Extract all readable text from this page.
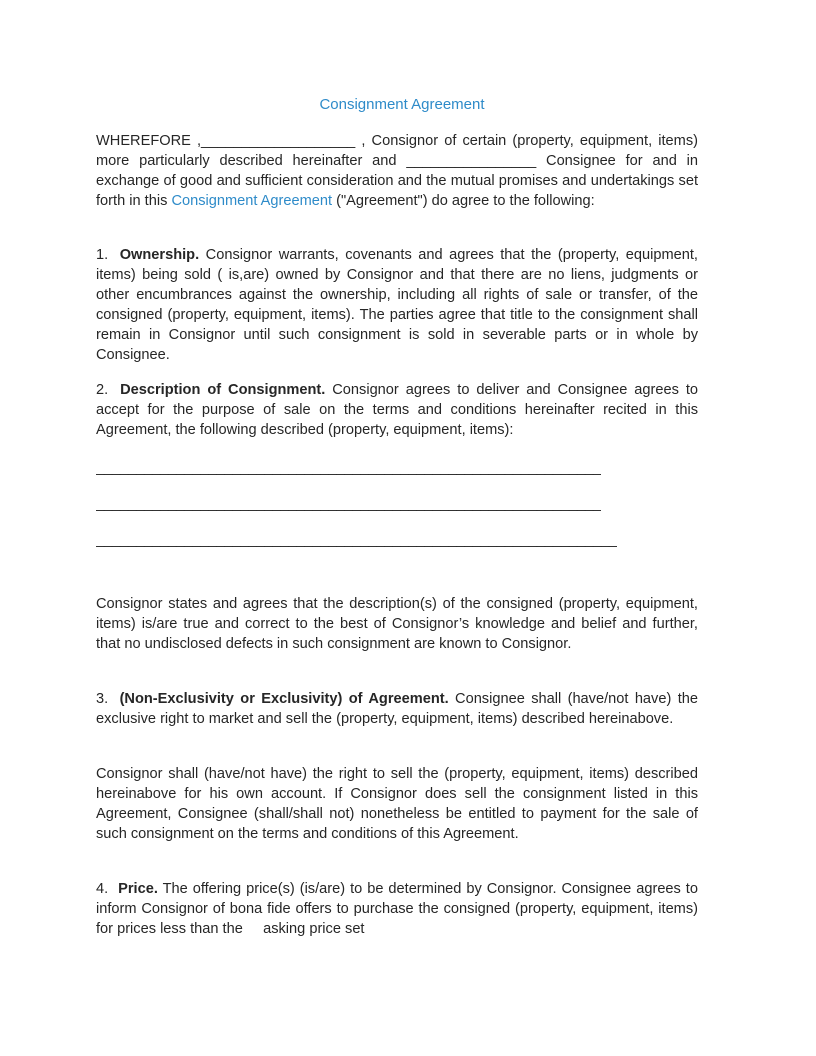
Consignment Agreement
WHEREFORE ,___________________ , Consignor of certain (property, equipment, items) more particularly described hereinafter and ________________ Consignee for and in exchange of good and sufficient consideration and the mutual promises and undertakings set forth in this Consignment Agreement ("Agreement") do agree to the following:
1. Ownership. Consignor warrants, covenants and agrees that the (property, equipment, items) being sold ( is,are) owned by Consignor and that there are no liens, judgments or other encumbrances against the ownership, including all rights of sale or transfer, of the consigned (property, equipment, items). The parties agree that title to the consignment shall remain in Consignor until such consignment is sold in severable parts or in whole by Consignee.
2. Description of Consignment. Consignor agrees to deliver and Consignee agrees to accept for the purpose of sale on the terms and conditions hereinafter recited in this Agreement, the following described (property, equipment, items):
_______________________________________________________________
_______________________________________________________________
_________________________________________________________________
Consignor states and agrees that the description(s) of the consigned (property, equipment, items) is/are true and correct to the best of Consignor’s knowledge and belief and further, that no undisclosed defects in such consignment are known to Consignor.
3. (Non-Exclusivity or Exclusivity) of Agreement. Consignee shall (have/not have) the exclusive right to market and sell the (property, equipment, items) described hereinabove.
Consignor shall (have/not have) the right to sell the (property, equipment, items) described hereinabove for his own account. If Consignor does sell the consignment listed in this Agreement, Consignee (shall/shall not) nonetheless be entitled to payment for the sale of such consignment on the terms and conditions of this Agreement.
4. Price. The offering price(s) (is/are) to be determined by Consignor. Consignee agrees to inform Consignor of bona fide offers to purchase the consigned (property, equipment, items) for prices less than the     asking price set
